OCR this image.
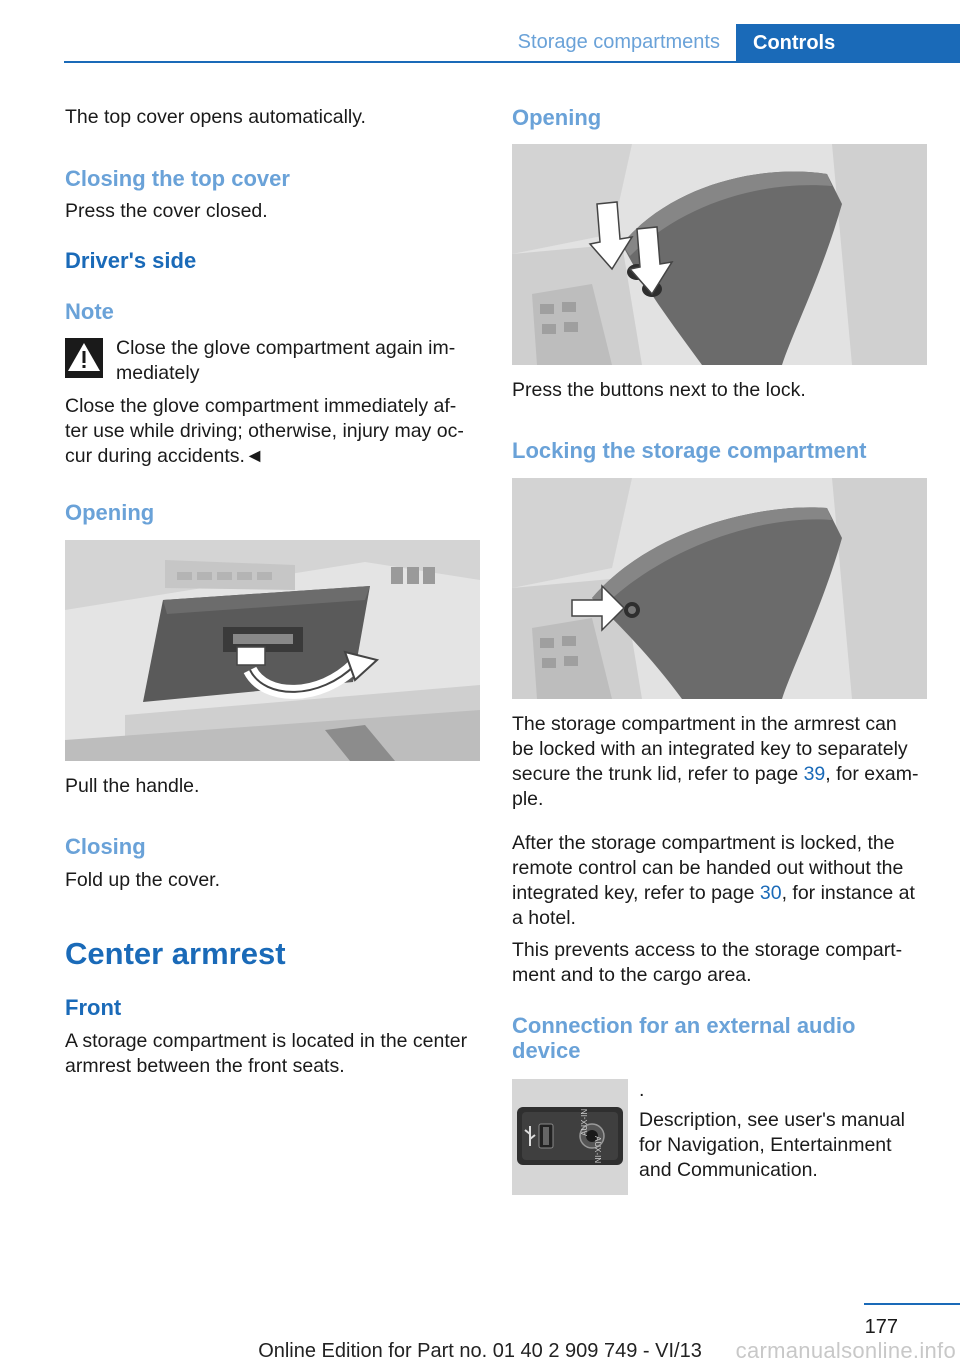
Storage compartments	Controls

The top cover opens automatically.

Closing the top cover

Press the cover closed.

Driver's side
Note

Close the glove compartment again im-

mediately

Close the glove compartment immediately af-

ter use while driving; otherwise, injury may oc-

cur during accidents.◄

Opening

Pull the handle.

Closing

Fold up the cover.

Center armrest
Front

A storage compartment is located in the center

armrest between the front seats.

Opening

Press the buttons next to the lock.

Locking the storage compartment

The storage compartment in the armrest can

be locked with an integrated key to separately

secure the trunk lid, refer to page 39, for exam-

ple.

After the storage compartment is locked, the

remote control can be handed out without the

integrated key, refer to page 30, for instance at

a hotel.

This prevents access to the storage compart-

ment and to the cargo area.

Connection for an external audio
device
AUX-IN
AUX-IN

.

Description, see user's manual

for Navigation, Entertainment

and Communication.

177
Online Edition for Part no. 01 40 2 909 749 - VI/13	carmanualsonline.info
